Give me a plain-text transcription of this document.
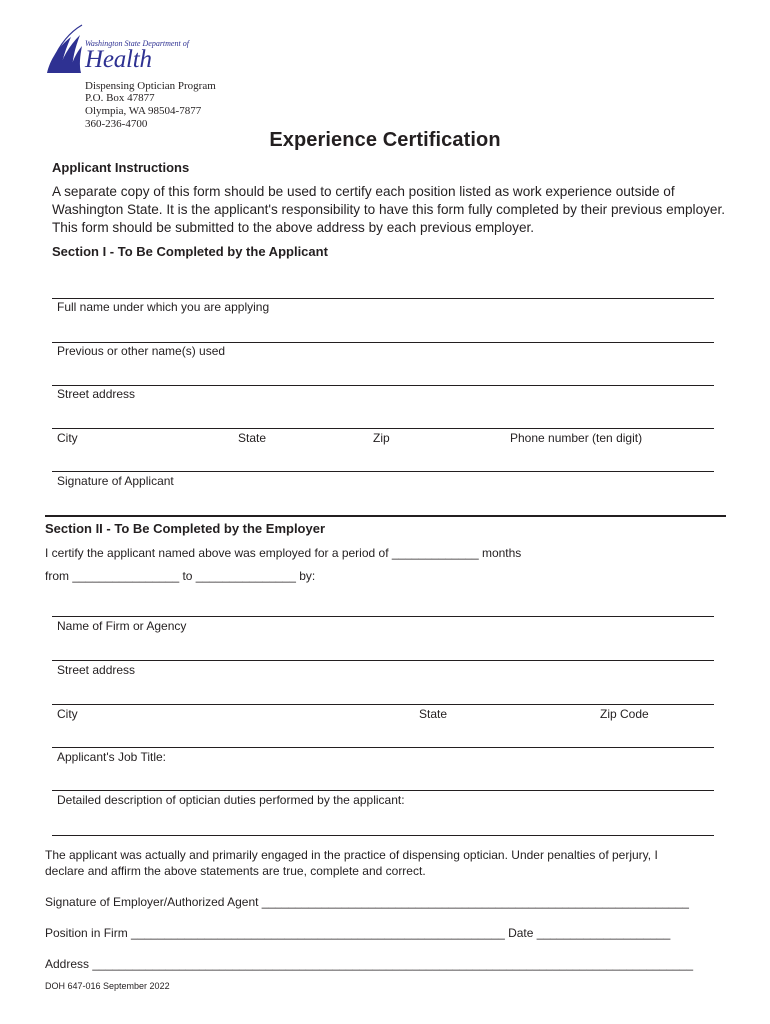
Washington State Department of
Health
Dispensing Optician Program
P.O. Box 47877
Olympia, WA 98504-7877
360-236-4700
Experience Certification
Applicant Instructions
A separate copy of this form should be used to certify each position listed as work experience outside of Washington State. It is the applicant's responsibility to have this form fully completed by their previous employer. This form should be submitted to the above address by each previous employer.
Section I - To Be Completed by the Applicant
Full name under which you are applying
Previous or other name(s) used
Street address
City	State	Zip	Phone number (ten digit)
Signature of Applicant
Section II - To Be Completed by the Employer
I certify the applicant named above was employed for a period of _____________ months
from ________________ to _______________ by:
Name of Firm or Agency
Street address
City	State	Zip Code
Applicant's Job Title:
Detailed description of optician duties performed by the applicant:
The applicant was actually and primarily engaged in the practice of dispensing optician. Under penalties of perjury, I
declare and affirm the above statements are true, complete and correct.
Signature of Employer/Authorized Agent ________________________________________________________________
Position in Firm ________________________________________________________ Date ____________________
Address __________________________________________________________________________________________
DOH 647-016 September 2022
